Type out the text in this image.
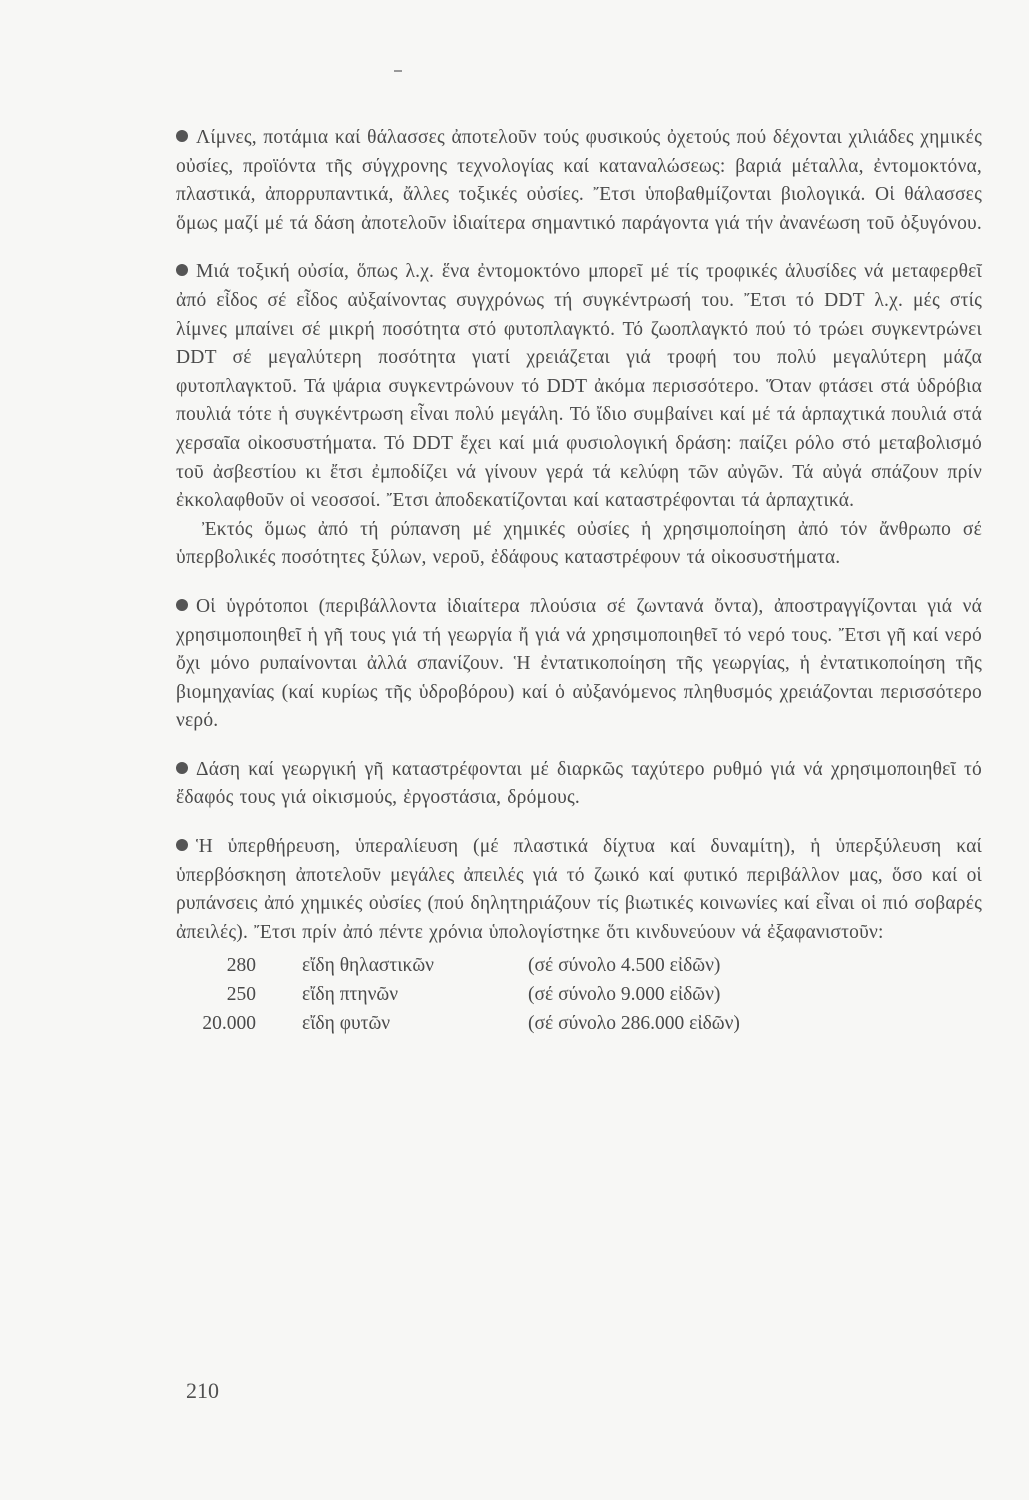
Λίμνες, ποτάμια καί θάλασσες ἀποτελοῦν τούς φυσικούς ὀχετούς πού δέχονται χιλιάδες χημικές οὐσίες, προϊόντα τῆς σύγχρονης τεχνολογίας καί καταναλώσεως: βαριά μέταλλα, ἐντομοκτόνα, πλαστικά, ἀπορρυπαντικά, ἄλλες τοξικές οὐσίες. Ἔτσι ὑποβαθμίζονται βιολογικά. Οἱ θάλασσες ὅμως μαζί μέ τά δάση ἀποτελοῦν ἰδιαίτερα σημαντικό παράγοντα γιά τήν ἀνανέωση τοῦ ὀξυγόνου.

Μιά τοξική οὐσία, ὅπως λ.χ. ἕνα ἐντομοκτόνο μπορεῖ μέ τίς τροφικές ἁλυσίδες νά μεταφερθεῖ ἀπό εἶδος σέ εἶδος αὐξαίνοντας συγχρόνως τή συγκέντρωσή του. Ἔτσι τό DDT λ.χ. μές στίς λίμνες μπαίνει σέ μικρή ποσότητα στό φυτοπλαγκτό. Τό ζωοπλαγκτό πού τό τρώει συγκεντρώνει DDT σέ μεγαλύτερη ποσότητα γιατί χρειάζεται γιά τροφή του πολύ μεγαλύτερη μάζα φυτοπλαγκτοῦ. Τά ψάρια συγκεντρώνουν τό DDT ἀκόμα περισσότερο. Ὅταν φτάσει στά ὑδρόβια πουλιά τότε ἡ συγκέντρωση εἶναι πολύ μεγάλη. Τό ἴδιο συμβαίνει καί μέ τά ἁρπαχτικά πουλιά στά χερσαῖα οἰκοσυστήματα. Τό DDT ἔχει καί μιά φυσιολογική δράση: παίζει ρόλο στό μεταβολισμό τοῦ ἀσβεστίου κι ἔτσι ἐμποδίζει νά γίνουν γερά τά κελύφη τῶν αὐγῶν. Τά αὐγά σπάζουν πρίν ἐκκολαφθοῦν οἱ νεοσσοί. Ἔτσι ἀποδεκατίζονται καί καταστρέφονται τά ἁρπαχτικά.

Ἐκτός ὅμως ἀπό τή ρύπανση μέ χημικές οὐσίες ἡ χρησιμοποίηση ἀπό τόν ἄνθρωπο σέ ὑπερβολικές ποσότητες ξύλων, νεροῦ, ἐδάφους καταστρέφουν τά οἰκοσυστήματα.

Οἱ ὑγρότοποι (περιβάλλοντα ἰδιαίτερα πλούσια σέ ζωντανά ὄντα), ἀποστραγγίζονται γιά νά χρησιμοποιηθεῖ ἡ γῆ τους γιά τή γεωργία ἤ γιά νά χρησιμοποιηθεῖ τό νερό τους. Ἔτσι γῆ καί νερό ὄχι μόνο ρυπαίνονται ἀλλά σπανίζουν. Ἡ ἐντατικοποίηση τῆς γεωργίας, ἡ ἐντατικοποίηση τῆς βιομηχανίας (καί κυρίως τῆς ὑδροβόρου) καί ὁ αὐξανόμενος πληθυσμός χρειάζονται περισσότερο νερό.

Δάση καί γεωργική γῆ καταστρέφονται μέ διαρκῶς ταχύτερο ρυθμό γιά νά χρησιμοποιηθεῖ τό ἔδαφός τους γιά οἰκισμούς, ἐργοστάσια, δρόμους.

Ἡ ὑπερθήρευση, ὑπεραλίευση (μέ πλαστικά δίχτυα καί δυναμίτη), ἡ ὑπερξύλευση καί ὑπερβόσκηση ἀποτελοῦν μεγάλες ἀπειλές γιά τό ζωικό καί φυτικό περιβάλλον μας, ὅσο καί οἱ ρυπάνσεις ἀπό χημικές οὐσίες (πού δηλητηριάζουν τίς βιωτικές κοινωνίες καί εἶναι οἱ πιό σοβαρές ἀπειλές). Ἔτσι πρίν ἀπό πέντε χρόνια ὑπολογίστηκε ὅτι κινδυνεύουν νά ἐξαφανιστοῦν:

280 εἴδη θηλαστικῶν	(σέ σύνολο 4.500 εἰδῶν)
250 εἴδη πτηνῶν	(σέ σύνολο 9.000 εἰδῶν)
20.000 εἴδη φυτῶν	(σέ σύνολο 286.000 εἰδῶν)
210
